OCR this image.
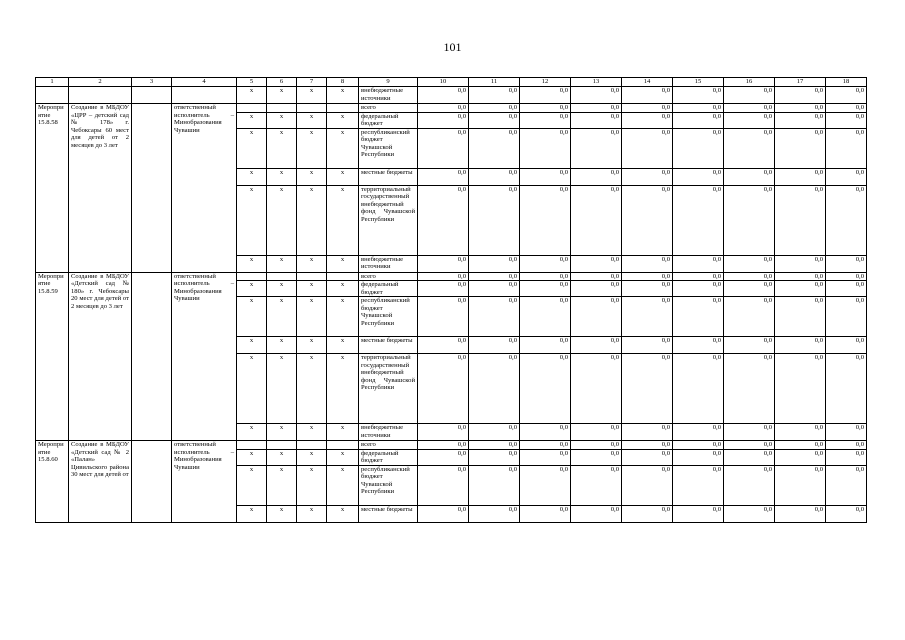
101
1	2	3	4	5	6	7	8	9	10	11	12	13	14	15	16	17	18
				x	x	x	x	внебюджетные источники	0,0	0,0	0,0	0,0	0,0	0,0	0,0	0,0	0,0
Мероприятие 15.8.58	Создание в МБДОУ «ЦРР – детский сад № 178» г. Чебоксары 60 мест для детей от 2 месяцев до 3 лет		ответственный исполнитель – Минобразования Чувашии					всего	0,0	0,0	0,0	0,0	0,0	0,0	0,0	0,0	0,0
				x	x	x	x	федеральный бюджет	0,0	0,0	0,0	0,0	0,0	0,0	0,0	0,0	0,0
				x	x	x	x	республиканский бюджет Чувашской Республики	0,0	0,0	0,0	0,0	0,0	0,0	0,0	0,0	0,0
				x	x	x	x	местные бюджеты	0,0	0,0	0,0	0,0	0,0	0,0	0,0	0,0	0,0
				x	x	x	x	территориальный государственный внебюджетный фонд Чувашской Республики	0,0	0,0	0,0	0,0	0,0	0,0	0,0	0,0	0,0
				x	x	x	x	внебюджетные источники	0,0	0,0	0,0	0,0	0,0	0,0	0,0	0,0	0,0
Мероприятие 15.8.59	Создание в МБДОУ «Детский сад № 180» г. Чебоксары 20 мест для детей от 2 месяцев до 3 лет		ответственный исполнитель – Минобразования Чувашии					всего	0,0	0,0	0,0	0,0	0,0	0,0	0,0	0,0	0,0
				x	x	x	x	федеральный бюджет	0,0	0,0	0,0	0,0	0,0	0,0	0,0	0,0	0,0
				x	x	x	x	республиканский бюджет Чувашской Республики	0,0	0,0	0,0	0,0	0,0	0,0	0,0	0,0	0,0
				x	x	x	x	местные бюджеты	0,0	0,0	0,0	0,0	0,0	0,0	0,0	0,0	0,0
				x	x	x	x	территориальный государственный внебюджетный фонд Чувашской Республики	0,0	0,0	0,0	0,0	0,0	0,0	0,0	0,0	0,0
				x	x	x	x	внебюджетные источники	0,0	0,0	0,0	0,0	0,0	0,0	0,0	0,0	0,0
Мероприятие 15.8.60	Создание в МБДОУ «Детский сад № 2 «Палан» Цивильского района 30 мест для детей от		ответственный исполнитель – Минобразования Чувашии					всего	0,0	0,0	0,0	0,0	0,0	0,0	0,0	0,0	0,0
				x	x	x	x	федеральный бюджет	0,0	0,0	0,0	0,0	0,0	0,0	0,0	0,0	0,0
				x	x	x	x	республиканский бюджет Чувашской Республики	0,0	0,0	0,0	0,0	0,0	0,0	0,0	0,0	0,0
				x	x	x	x	местные бюджеты	0,0	0,0	0,0	0,0	0,0	0,0	0,0	0,0	0,0
